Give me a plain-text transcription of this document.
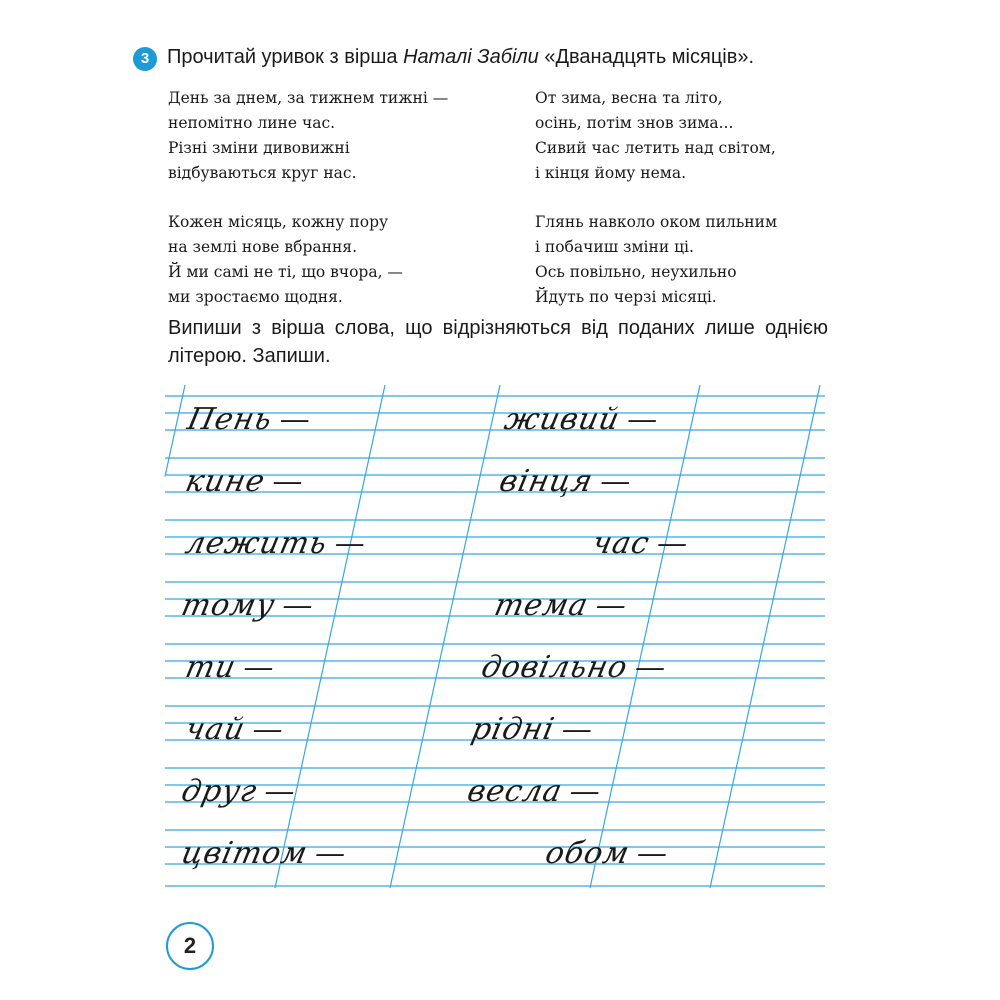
3 Прочитай уривок з вірша Наталі Забіли «Дванадцять місяців».
День за днем, за тижнем тижні —
непомітно лине час.
Різні зміни дивовижні
відбуваються круг нас.
Кожен місяць, кожну пору
на землі нове вбрання.
Й ми самі не ті, що вчора, —
ми зростаємо щодня.
От зима, весна та літо,
осінь, потім знов зима...
Сивий час летить над світом,
і кінця йому нема.
Глянь навколо оком пильним
і побачиш зміни ці.
Ось повільно, неухильно
Йдуть по черзі місяці.
Випиши з вірша слова, що відрізняються від поданих лише однією літерою. Запиши.
Пень—	живий—
кине—	вінця—
лежить—	час—
тому—	тема—
ти—	довільно—
чай—	рідні—
друг—	весла—
цвітом—	обом—
2
